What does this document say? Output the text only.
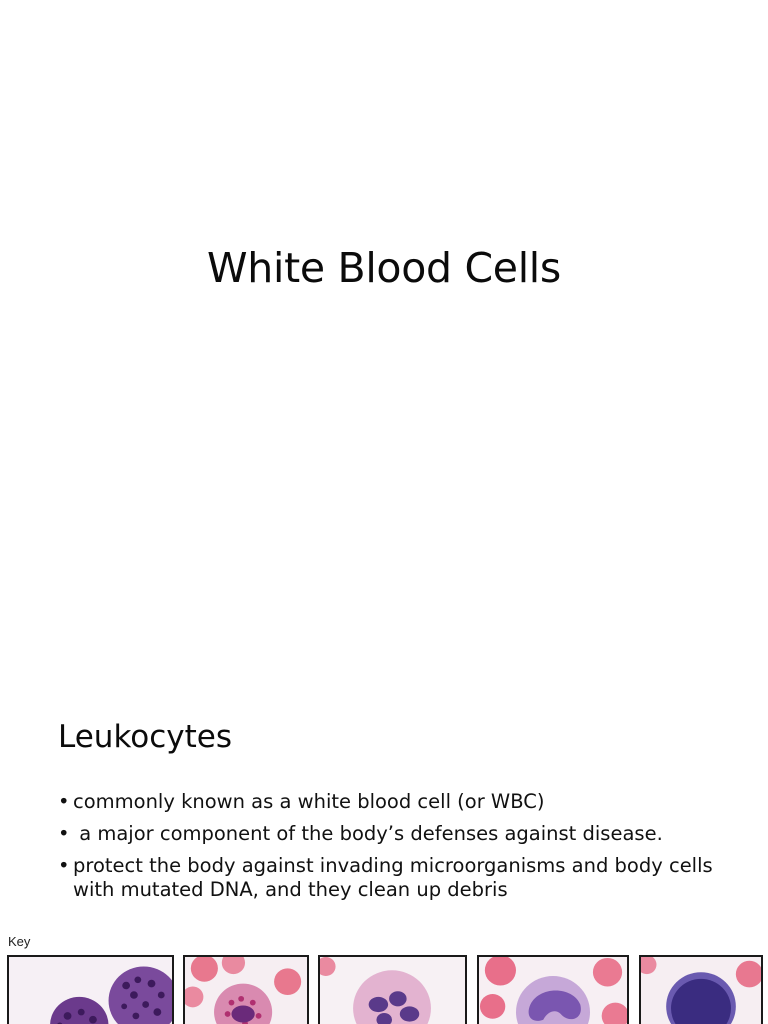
White Blood Cells
Leukocytes
• commonly known as a white blood cell (or WBC)
• a major component of the body’s defenses against disease.
• protect the body against invading microorganisms and body cells with mutated DNA, and they clean up debris
Key
